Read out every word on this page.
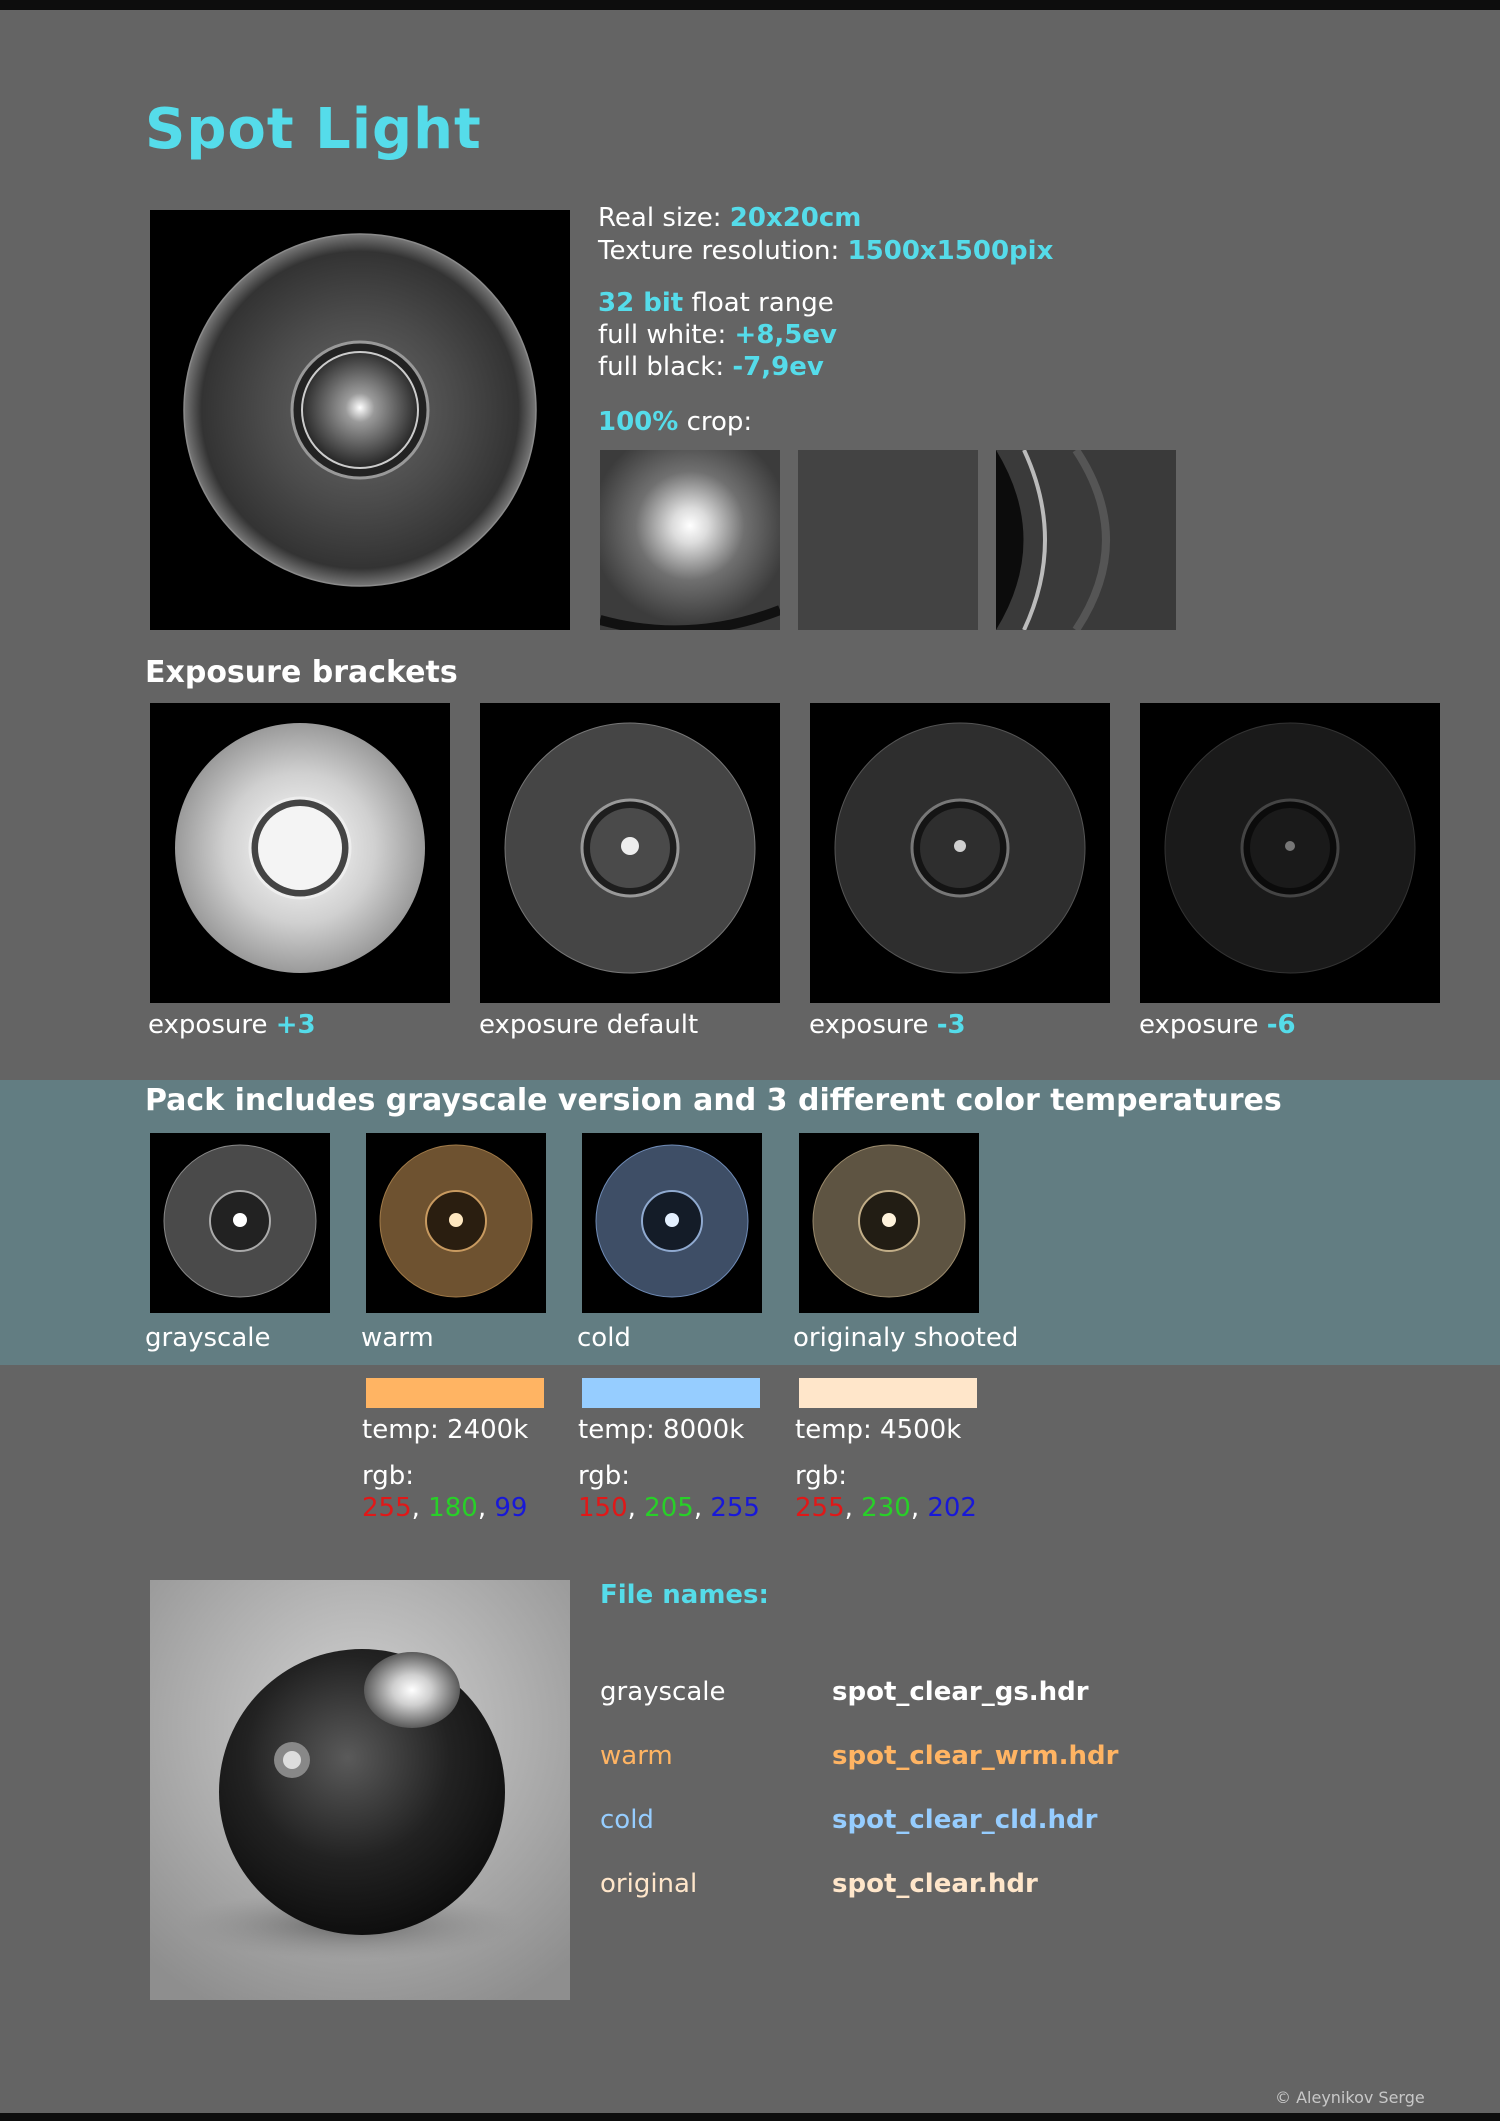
Spot Light
Real size: 20x20cm
Texture resolution: 1500x1500pix
32 bit float range
full white: +8,5ev
full black: -7,9ev
100% crop:
Exposure brackets
exposure +3	exposure default	exposure -3	exposure -6
Pack includes grayscale version and 3 different color temperatures
grayscale	warm	cold	originaly shooted
temp: 2400k temp: 8000k temp: 4500k
rgb:	rgb:	rgb:
255, 180, 99 150, 205, 255 255, 230, 202
File names:
grayscale	spot_clear_gs.hdr
warm	spot_clear_wrm.hdr
cold	spot_clear_cld.hdr
original	spot_clear.hdr
© Aleynikov Serge
